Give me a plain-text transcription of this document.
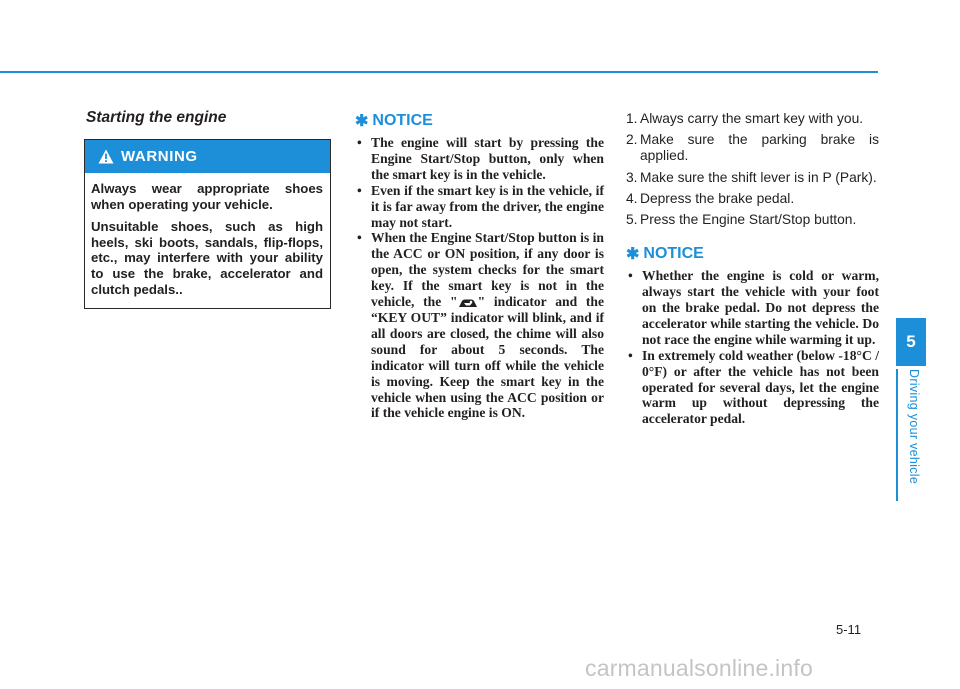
Starting the engine
WARNING

Always wear appropriate shoes when operating your vehicle.

Unsuitable shoes, such as high heels, ski boots, sandals, flip-flops, etc., may interfere with your ability to use the brake, accelerator and clutch pedals..

✱ NOTICE
• The engine will start by pressing the Engine Start/Stop button, only when the smart key is in the vehicle.
• Even if the smart key is in the vehicle, if it is far away from the driver, the engine may not start.
• When the Engine Start/Stop button is in the ACC or ON position, if any door is open, the system checks for the smart key. If the smart key is not in the vehicle, the " " indicator and the “KEY OUT” indicator will blink, and if all doors are closed, the chime will also sound for about 5 seconds. The indicator will turn off while the vehicle is moving. Keep the smart key in the vehicle when using the ACC position or if the vehicle engine is ON.
1. Always carry the smart key with you.
2. Make sure the parking brake is applied.
3. Make sure the shift lever is in P (Park).
4. Depress the brake pedal.
5. Press the Engine Start/Stop button.
✱ NOTICE
• Whether the engine is cold or warm, always start the vehicle with your foot on the brake pedal. Do not depress the accelerator while starting the vehicle. Do not race the engine while warming it up.
• In extremely cold weather (below -18°C / 0°F) or after the vehicle has not been operated for several days, let the engine warm up without depressing the accelerator pedal.
5
Driving your vehicle
5-11
carmanualsonline.info
